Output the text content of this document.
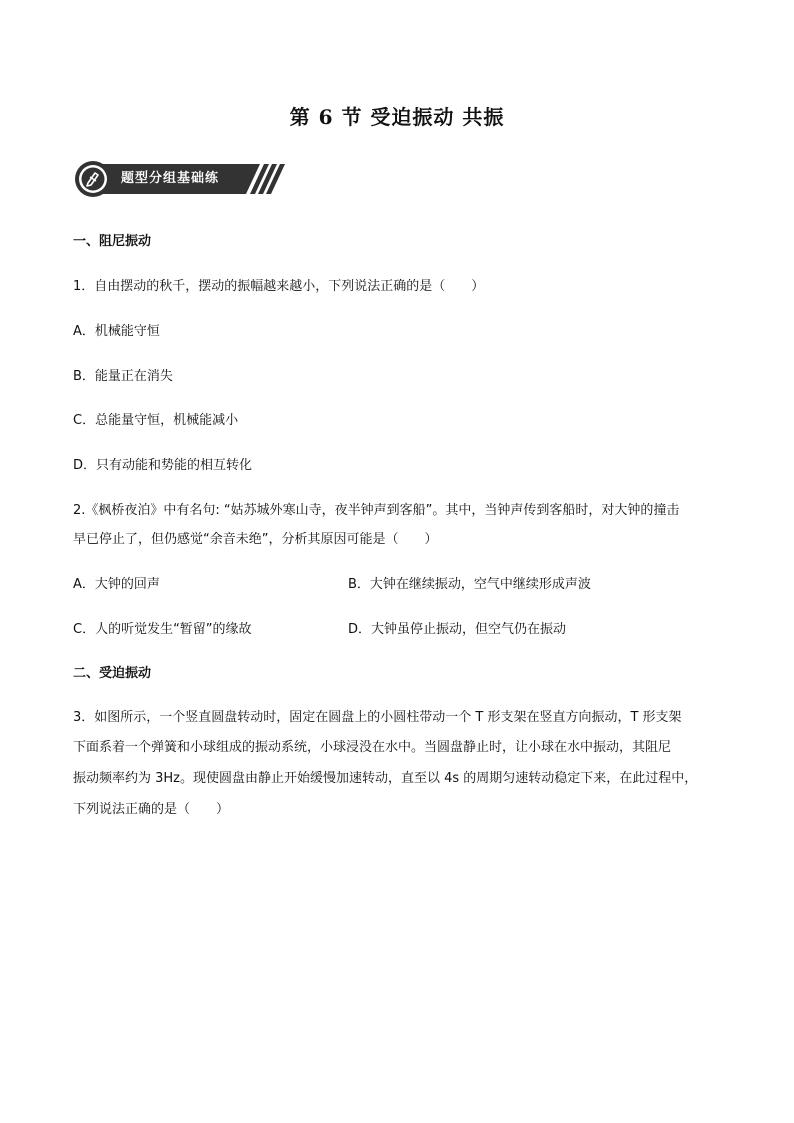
第 6 节 受迫振动 共振
题型分组基础练
一、阻尼振动
1．自由摆动的秋千，摆动的振幅越来越小，下列说法正确的是（　　）
A．机械能守恒
B．能量正在消失
C．总能量守恒，机械能减小
D．只有动能和势能的相互转化
2.《枫桥夜泊》中有名句: “姑苏城外寒山寺，夜半钟声到客船”。其中，当钟声传到客船时，对大钟的撞击
早已停止了，但仍感觉“余音未绝”，分析其原因可能是（　　）
A．大钟的回声	B．大钟在继续振动，空气中继续形成声波
C．人的听觉发生“暂留”的缘故	D．大钟虽停止振动，但空气仍在振动
二、受迫振动
3．如图所示，一个竖直圆盘转动时，固定在圆盘上的小圆柱带动一个 T 形支架在竖直方向振动，T 形支架
下面系着一个弹簧和小球组成的振动系统，小球浸没在水中。当圆盘静止时，让小球在水中振动，其阻尼
振动频率约为 3Hz。现使圆盘由静止开始缓慢加速转动，直至以 4s 的周期匀速转动稳定下来，在此过程中，
下列说法正确的是（　　）
